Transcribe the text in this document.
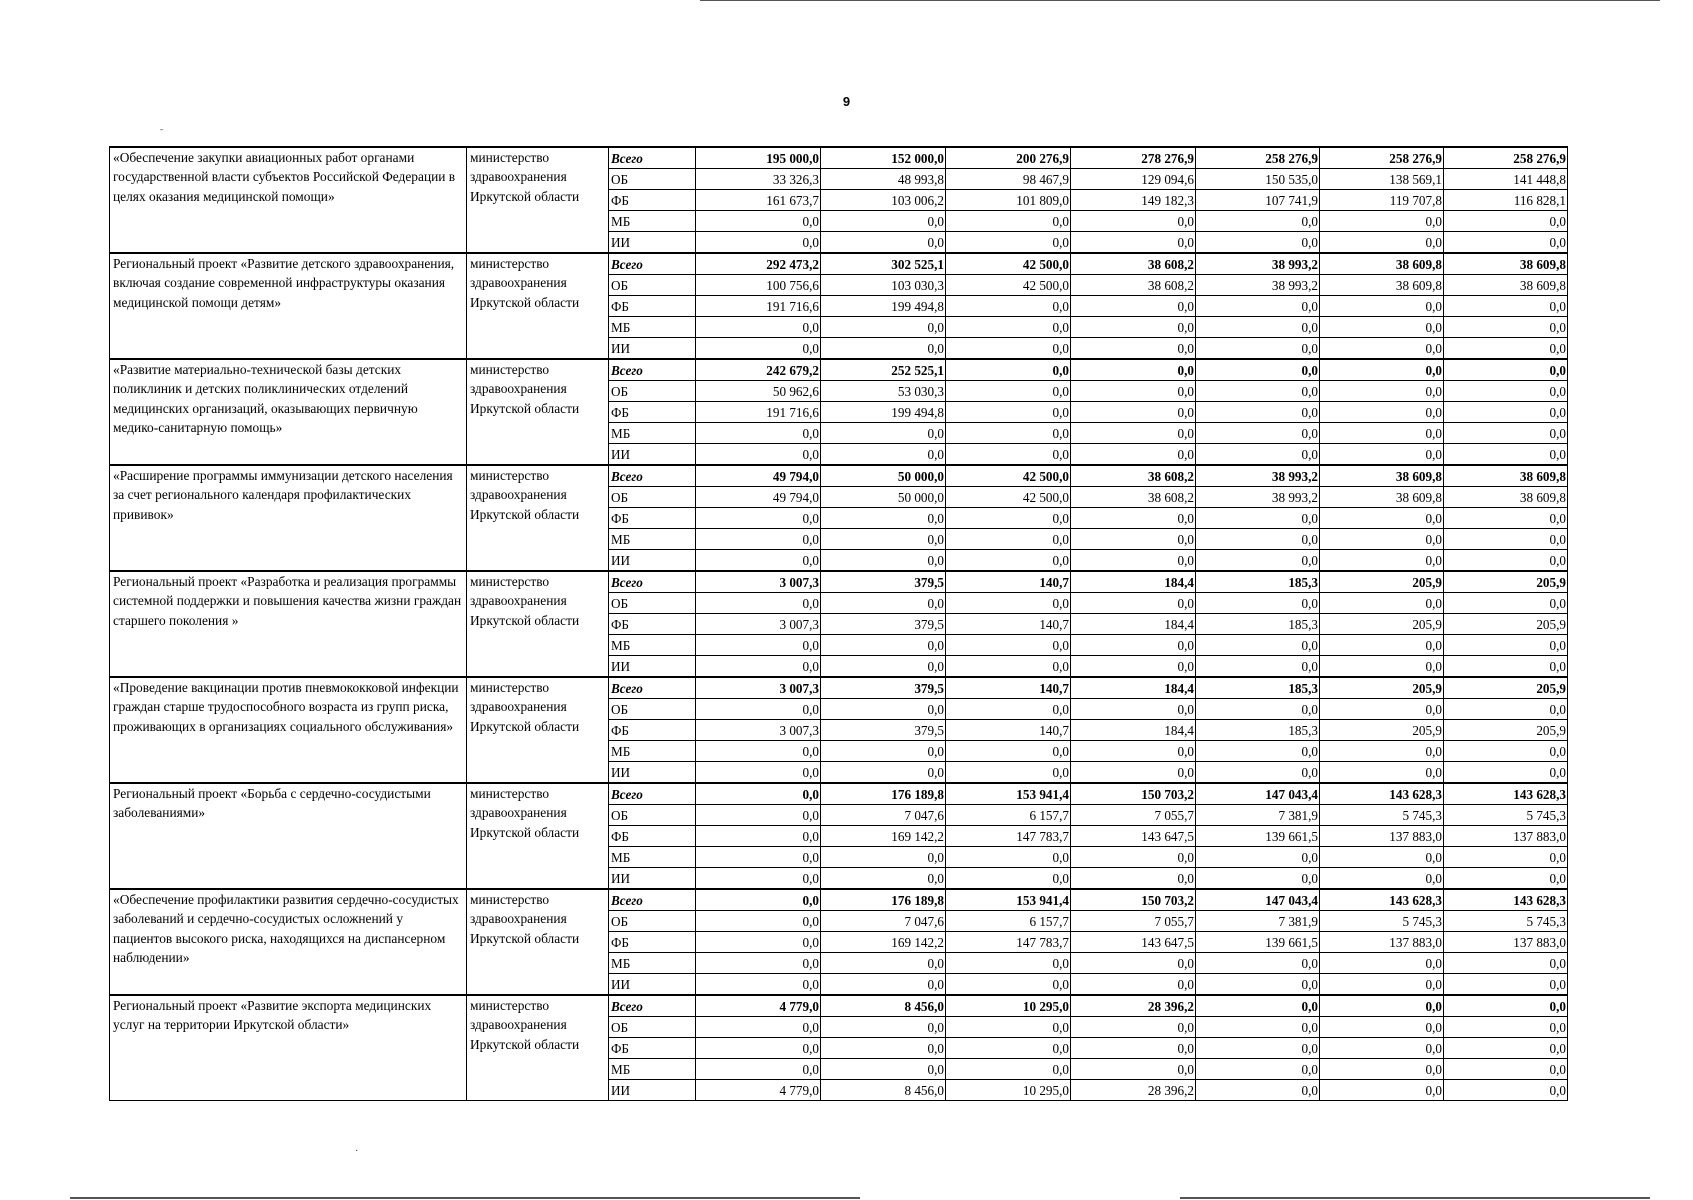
ˉ
·
9
«Обеспечение закупки авиационных работ органами государственной власти субъектов Российской Федерации в целях оказания медицинской помощи»	министерство здравоохранения Иркутской области	Всего	195 000,0	152 000,0	200 276,9	278 276,9	258 276,9	258 276,9	258 276,9
		ОБ	33 326,3	48 993,8	98 467,9	129 094,6	150 535,0	138 569,1	141 448,8
		ФБ	161 673,7	103 006,2	101 809,0	149 182,3	107 741,9	119 707,8	116 828,1
		МБ	0,0	0,0	0,0	0,0	0,0	0,0	0,0
		ИИ	0,0	0,0	0,0	0,0	0,0	0,0	0,0
Региональный проект «Развитие детского здравоохранения, включая создание современной инфраструктуры оказания медицинской помощи детям»	министерство здравоохранения Иркутской области	Всего	292 473,2	302 525,1	42 500,0	38 608,2	38 993,2	38 609,8	38 609,8
		ОБ	100 756,6	103 030,3	42 500,0	38 608,2	38 993,2	38 609,8	38 609,8
		ФБ	191 716,6	199 494,8	0,0	0,0	0,0	0,0	0,0
		МБ	0,0	0,0	0,0	0,0	0,0	0,0	0,0
		ИИ	0,0	0,0	0,0	0,0	0,0	0,0	0,0
«Развитие материально-технической базы детских поликлиник и детских поликлинических отделений медицинских организаций, оказывающих первичную медико-санитарную помощь»	министерство здравоохранения Иркутской области	Всего	242 679,2	252 525,1	0,0	0,0	0,0	0,0	0,0
		ОБ	50 962,6	53 030,3	0,0	0,0	0,0	0,0	0,0
		ФБ	191 716,6	199 494,8	0,0	0,0	0,0	0,0	0,0
		МБ	0,0	0,0	0,0	0,0	0,0	0,0	0,0
		ИИ	0,0	0,0	0,0	0,0	0,0	0,0	0,0
«Расширение программы иммунизации детского населения за счет регионального календаря профилактических прививок»	министерство здравоохранения Иркутской области	Всего	49 794,0	50 000,0	42 500,0	38 608,2	38 993,2	38 609,8	38 609,8
		ОБ	49 794,0	50 000,0	42 500,0	38 608,2	38 993,2	38 609,8	38 609,8
		ФБ	0,0	0,0	0,0	0,0	0,0	0,0	0,0
		МБ	0,0	0,0	0,0	0,0	0,0	0,0	0,0
		ИИ	0,0	0,0	0,0	0,0	0,0	0,0	0,0
Региональный проект «Разработка и реализация программы системной поддержки и повышения качества жизни граждан старшего поколения »	министерство здравоохранения Иркутской области	Всего	3 007,3	379,5	140,7	184,4	185,3	205,9	205,9
		ОБ	0,0	0,0	0,0	0,0	0,0	0,0	0,0
		ФБ	3 007,3	379,5	140,7	184,4	185,3	205,9	205,9
		МБ	0,0	0,0	0,0	0,0	0,0	0,0	0,0
		ИИ	0,0	0,0	0,0	0,0	0,0	0,0	0,0
«Проведение вакцинации против пневмококковой инфекции граждан старше трудоспособного возраста из групп риска, проживающих в организациях социального обслуживания»	министерство здравоохранения Иркутской области	Всего	3 007,3	379,5	140,7	184,4	185,3	205,9	205,9
		ОБ	0,0	0,0	0,0	0,0	0,0	0,0	0,0
		ФБ	3 007,3	379,5	140,7	184,4	185,3	205,9	205,9
		МБ	0,0	0,0	0,0	0,0	0,0	0,0	0,0
		ИИ	0,0	0,0	0,0	0,0	0,0	0,0	0,0
Региональный проект «Борьба с сердечно-сосудистыми заболеваниями»	министерство здравоохранения Иркутской области	Всего	0,0	176 189,8	153 941,4	150 703,2	147 043,4	143 628,3	143 628,3
		ОБ	0,0	7 047,6	6 157,7	7 055,7	7 381,9	5 745,3	5 745,3
		ФБ	0,0	169 142,2	147 783,7	143 647,5	139 661,5	137 883,0	137 883,0
		МБ	0,0	0,0	0,0	0,0	0,0	0,0	0,0
		ИИ	0,0	0,0	0,0	0,0	0,0	0,0	0,0
«Обеспечение профилактики развития сердечно-сосудистых заболеваний и сердечно-сосудистых осложнений у пациентов высокого риска, находящихся на диспансерном наблюдении»	министерство здравоохранения Иркутской области	Всего	0,0	176 189,8	153 941,4	150 703,2	147 043,4	143 628,3	143 628,3
		ОБ	0,0	7 047,6	6 157,7	7 055,7	7 381,9	5 745,3	5 745,3
		ФБ	0,0	169 142,2	147 783,7	143 647,5	139 661,5	137 883,0	137 883,0
		МБ	0,0	0,0	0,0	0,0	0,0	0,0	0,0
		ИИ	0,0	0,0	0,0	0,0	0,0	0,0	0,0
Региональный проект «Развитие экспорта медицинских услуг на территории Иркутской области»	министерство здравоохранения Иркутской области	Всего	4 779,0	8 456,0	10 295,0	28 396,2	0,0	0,0	0,0
		ОБ	0,0	0,0	0,0	0,0	0,0	0,0	0,0
		ФБ	0,0	0,0	0,0	0,0	0,0	0,0	0,0
		МБ	0,0	0,0	0,0	0,0	0,0	0,0	0,0
		ИИ	4 779,0	8 456,0	10 295,0	28 396,2	0,0	0,0	0,0
